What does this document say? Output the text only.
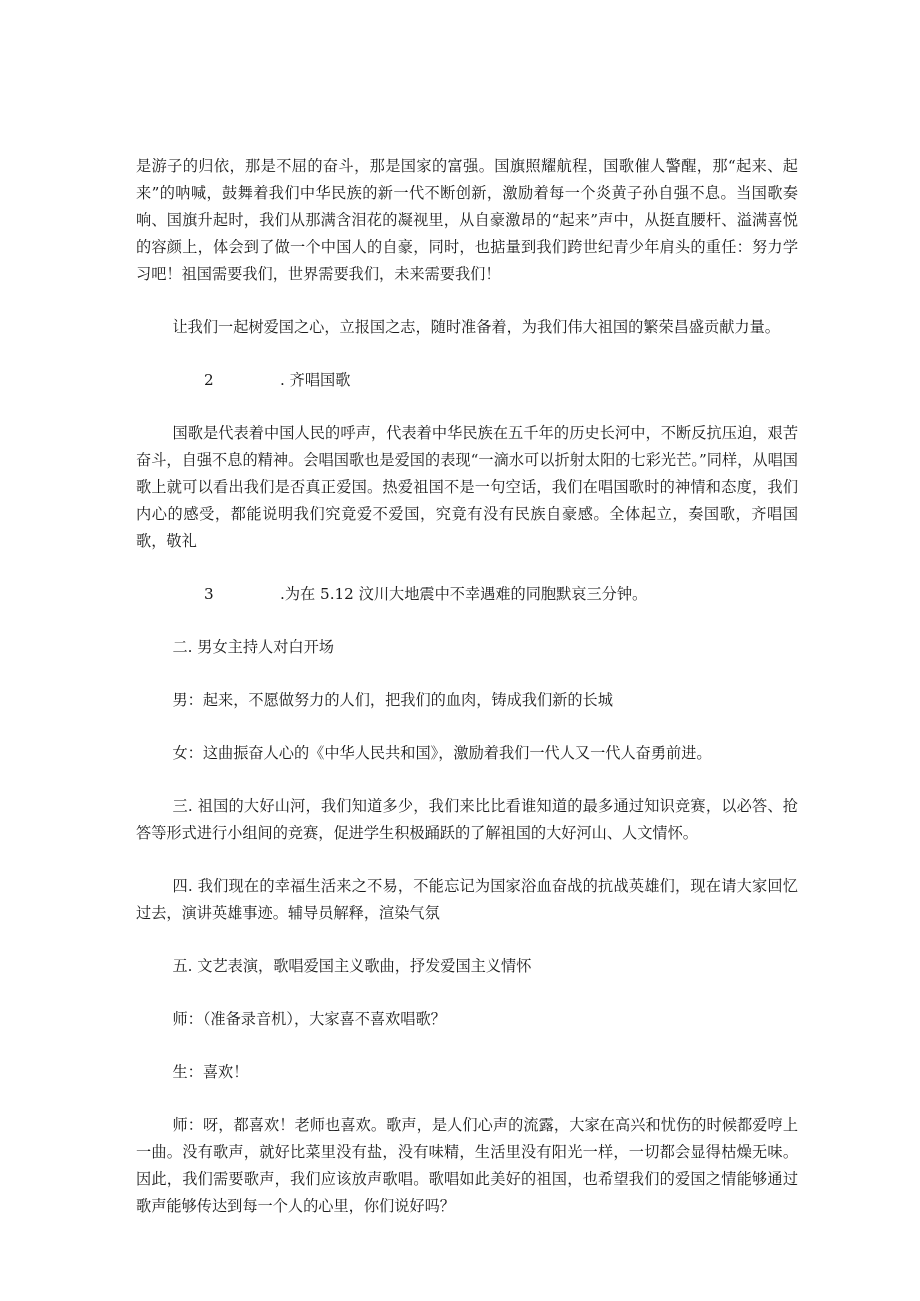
是游子的归依，那是不屈的奋斗，那是国家的富强。国旗照耀航程，国歌催人警醒，那“起来、起来”的呐喊，鼓舞着我们中华民族的新一代不断创新，激励着每一个炎黄子孙自强不息。当国歌奏响、国旗升起时，我们从那满含泪花的凝视里，从自豪激昂的“起来”声中，从挺直腰杆、溢满喜悦的容颜上，体会到了做一个中国人的自豪，同时，也掂量到我们跨世纪青少年肩头的重任：努力学习吧！祖国需要我们，世界需要我们，未来需要我们！

让我们一起树爱国之心，立报国之志，随时准备着，为我们伟大祖国的繁荣昌盛贡献力量。

2	. 齐唱国歌

国歌是代表着中国人民的呼声，代表着中华民族在五千年的历史长河中，不断反抗压迫，艰苦奋斗，自强不息的精神。会唱国歌也是爱国的表现“一滴水可以折射太阳的七彩光芒。”同样，从唱国歌上就可以看出我们是否真正爱国。热爱祖国不是一句空话，我们在唱国歌时的神情和态度，我们内心的感受，都能说明我们究竟爱不爱国，究竟有没有民族自豪感。全体起立，奏国歌，齐唱国歌，敬礼

3	.为在 5.12 汶川大地震中不幸遇难的同胞默哀三分钟。

二. 男女主持人对白开场

男：起来，不愿做努力的人们，把我们的血肉，铸成我们新的长城

女：这曲振奋人心的《中华人民共和国》，激励着我们一代人又一代人奋勇前进。

三. 祖国的大好山河，我们知道多少，我们来比比看谁知道的最多通过知识竞赛，以必答、抢答等形式进行小组间的竞赛，促进学生积极踊跃的了解祖国的大好河山、人文情怀。

四. 我们现在的幸福生活来之不易，不能忘记为国家浴血奋战的抗战英雄们，现在请大家回忆过去，演讲英雄事迹。辅导员解释，渲染气氛

五. 文艺表演，歌唱爱国主义歌曲，抒发爱国主义情怀

师：（准备录音机），大家喜不喜欢唱歌？

生：喜欢！

师：呀，都喜欢！老师也喜欢。歌声，是人们心声的流露，大家在高兴和忧伤的时候都爱哼上一曲。没有歌声，就好比菜里没有盐，没有味精，生活里没有阳光一样，一切都会显得枯燥无味。因此，我们需要歌声，我们应该放声歌唱。歌唱如此美好的祖国，也希望我们的爱国之情能够通过歌声能够传达到每一个人的心里，你们说好吗？
